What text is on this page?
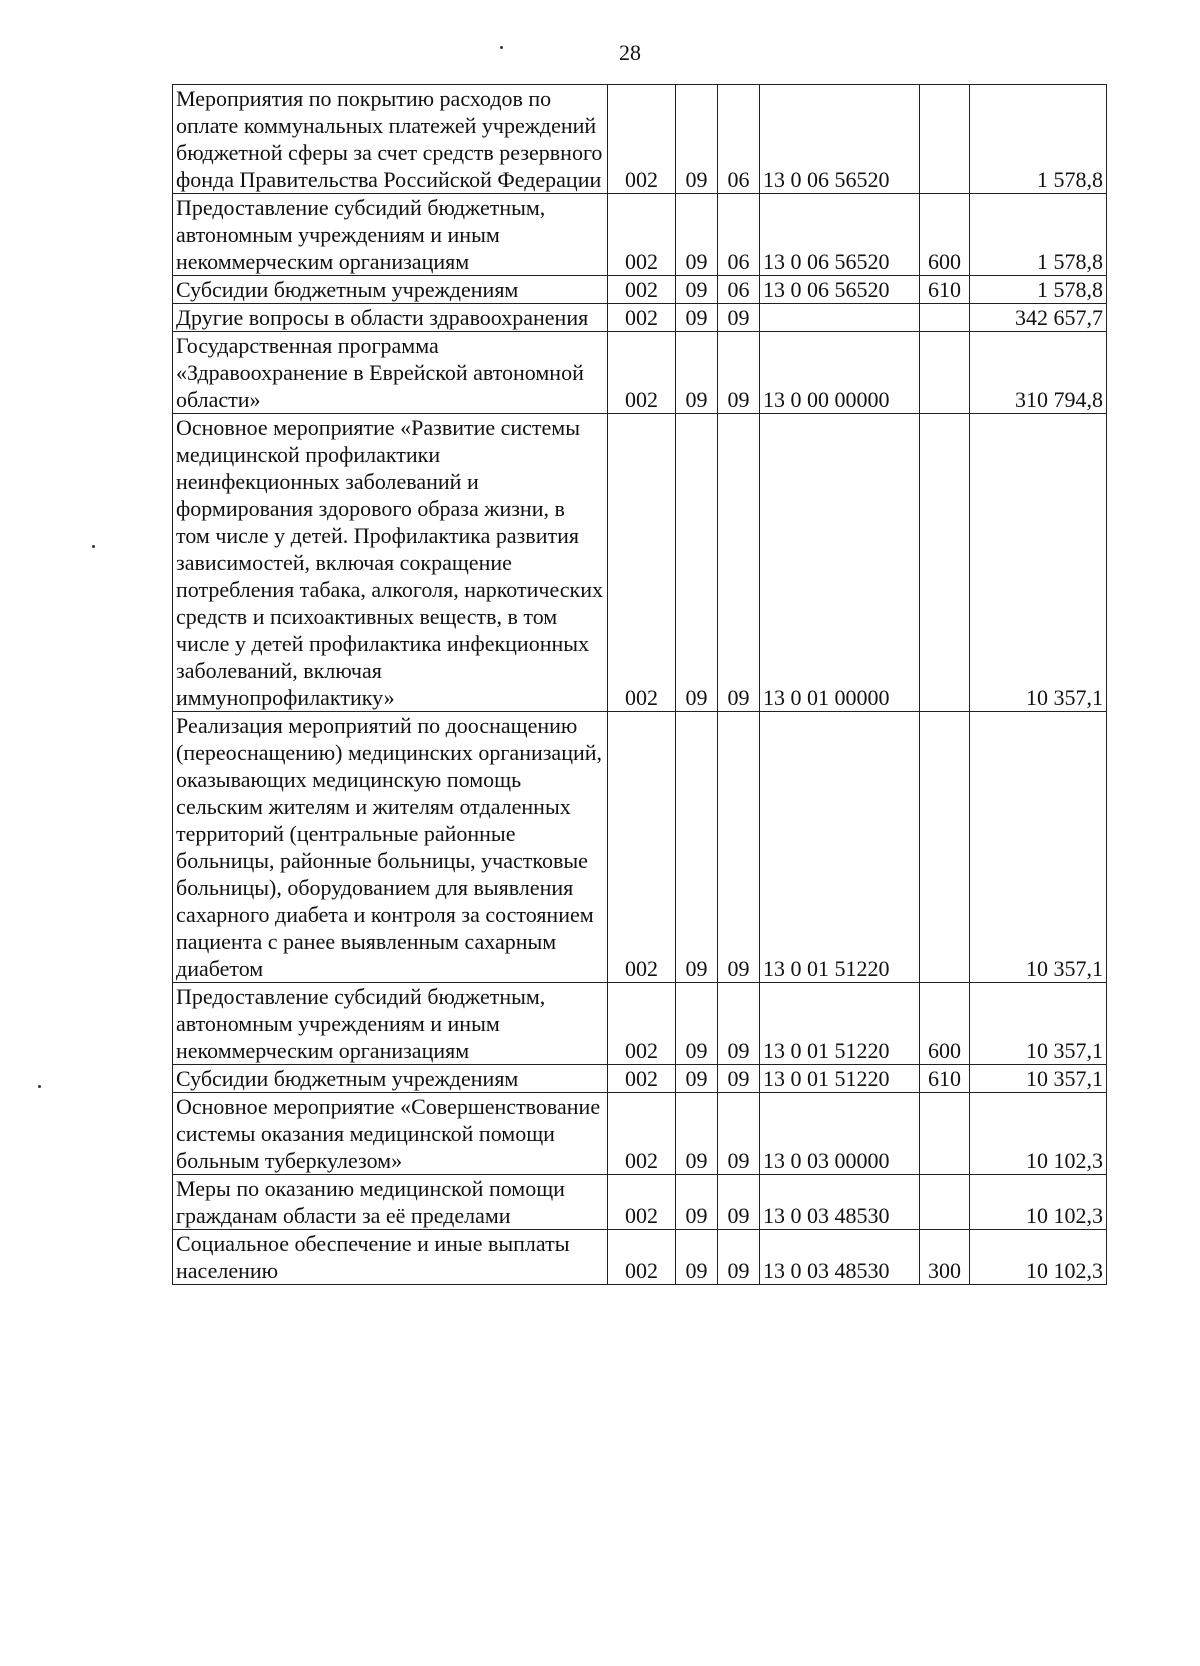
28
Мероприятия по покрытию расходов по оплате коммунальных платежей учреждений бюджетной сферы за счет средств резервного фонда Правительства Российской Федерации	002	09	06	13 0 06 56520		1 578,8
Предоставление субсидий бюджетным, автономным учреждениям и иным некоммерческим организациям	002	09	06	13 0 06 56520	600	1 578,8
Субсидии бюджетным учреждениям	002	09	06	13 0 06 56520	610	1 578,8
Другие вопросы в области здравоохранения	002	09	09			342 657,7
Государственная программа «Здравоохранение в Еврейской автономной области»	002	09	09	13 0 00 00000		310 794,8
Основное мероприятие «Развитие системы медицинской профилактики неинфекционных заболеваний и формирования здорового образа жизни, в том числе у детей. Профилактика развития зависимостей, включая сокращение потребления табака, алкоголя, наркотических средств и психоактивных веществ, в том числе у детей профилактика инфекционных заболеваний, включая иммунопрофилактику»	002	09	09	13 0 01 00000		10 357,1
Реализация мероприятий по дооснащению (переоснащению) медицинских организаций, оказывающих медицинскую помощь сельским жителям и жителям отдаленных территорий (центральные районные больницы, районные больницы, участковые больницы), оборудованием для выявления сахарного диабета и контроля за состоянием пациента с ранее выявленным сахарным диабетом	002	09	09	13 0 01 51220		10 357,1
Предоставление субсидий бюджетным, автономным учреждениям и иным некоммерческим организациям	002	09	09	13 0 01 51220	600	10 357,1
Субсидии бюджетным учреждениям	002	09	09	13 0 01 51220	610	10 357,1
Основное мероприятие «Совершенствование системы оказания медицинской помощи больным туберкулезом»	002	09	09	13 0 03 00000		10 102,3
Меры по оказанию медицинской помощи гражданам области за её пределами	002	09	09	13 0 03 48530		10 102,3
Социальное обеспечение и иные выплаты населению	002	09	09	13 0 03 48530	300	10 102,3
